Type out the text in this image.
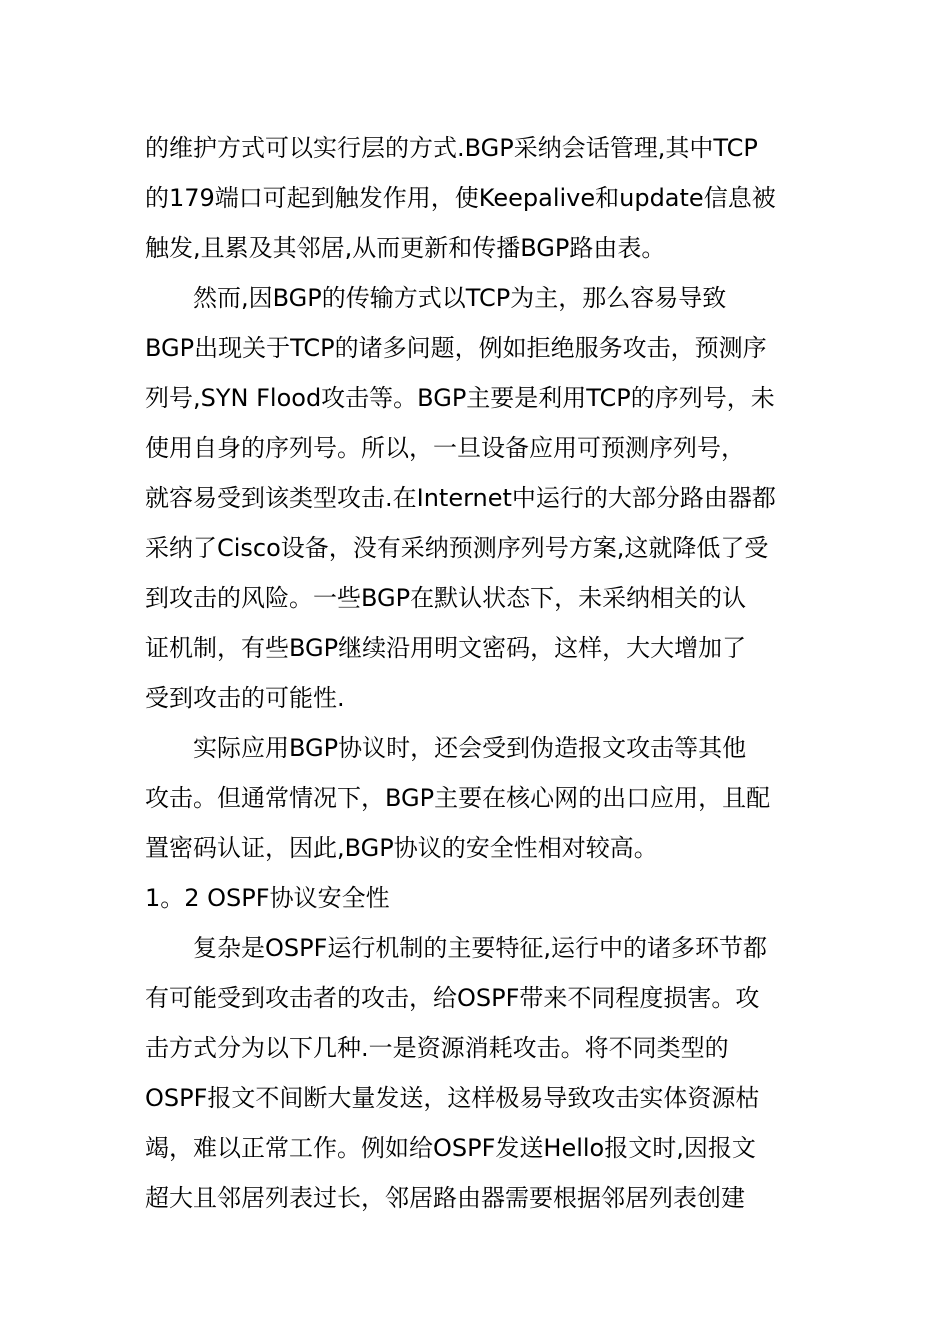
的维护方式可以实行层的方式.BGP采纳会话管理,其中TCP
的179端口可起到触发作用，使Keepalive和update信息被
触发,且累及其邻居,从而更新和传播BGP路由表。
然而,因BGP的传输方式以TCP为主，那么容易导致
BGP出现关于TCP的诸多问题，例如拒绝服务攻击，预测序
列号,SYN Flood攻击等。BGP主要是利用TCP的序列号，未
使用自身的序列号。所以，一旦设备应用可预测序列号，
就容易受到该类型攻击.在Internet中运行的大部分路由器都
采纳了Cisco设备，没有采纳预测序列号方案,这就降低了受
到攻击的风险。一些BGP在默认状态下，未采纳相关的认
证机制，有些BGP继续沿用明文密码，这样，大大增加了
受到攻击的可能性.
实际应用BGP协议时，还会受到伪造报文攻击等其他
攻击。但通常情况下，BGP主要在核心网的出口应用，且配
置密码认证，因此,BGP协议的安全性相对较高。
1。2 OSPF协议安全性
复杂是OSPF运行机制的主要特征,运行中的诸多环节都
有可能受到攻击者的攻击，给OSPF带来不同程度损害。攻
击方式分为以下几种.一是资源消耗攻击。将不同类型的
OSPF报文不间断大量发送，这样极易导致攻击实体资源枯
竭，难以正常工作。例如给OSPF发送Hello报文时,因报文
超大且邻居列表过长，邻居路由器需要根据邻居列表创建
